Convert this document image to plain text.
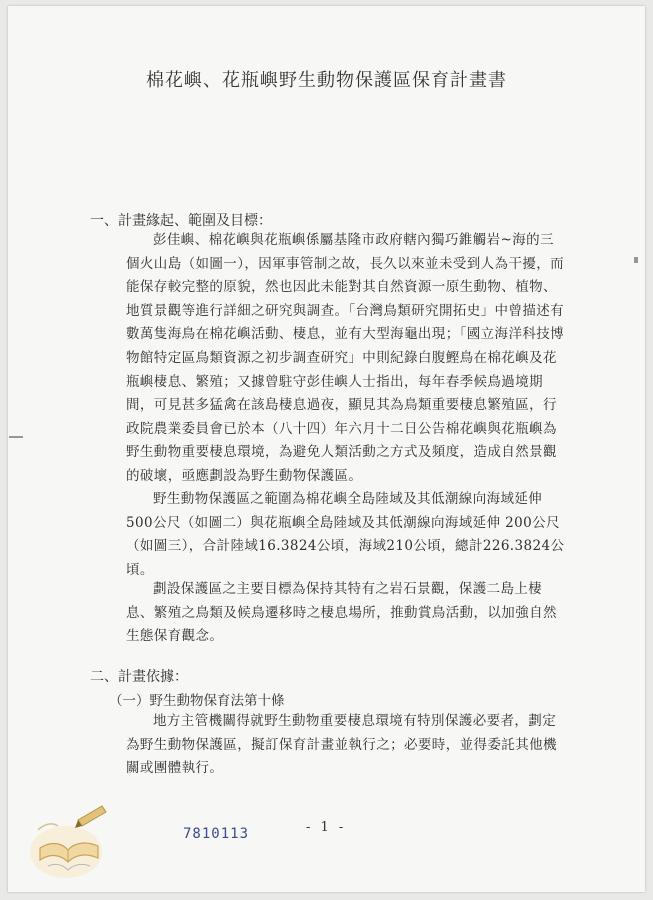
棉花嶼、花瓶嶼野生動物保護區保育計畫書
一、計畫緣起、範圍及目標：

彭佳嶼、棉花嶼與花瓶嶼係屬基隆市政府轄內獨巧錐觸岩~海的三個火山島（如圖一），因軍事管制之故，長久以來並未受到人為干擾，而能保存較完整的原貌，然也因此未能對其自然資源一原生動物、植物、地質景觀等進行詳細之研究與調查。「台灣鳥類研究開拓史」中曾描述有數萬隻海鳥在棉花嶼活動、棲息，並有大型海龜出現；「國立海洋科技博物館特定區鳥類資源之初步調查研究」中則紀錄白腹鰹鳥在棉花嶼及花瓶嶼棲息、繁殖；又據曾駐守彭佳嶼人士指出，每年春季候鳥過境期間，可見甚多猛禽在該島棲息過夜，顯見其為鳥類重要棲息繁殖區，行政院農業委員會已於本（八十四）年六月十二日公告棉花嶼與花瓶嶼為野生動物重要棲息環境，為避免人類活動之方式及頻度，造成自然景觀的破壞，亟應劃設為野生動物保護區。

野生動物保護區之範圍為棉花嶼全島陸域及其低潮線向海域延伸 500公尺（如圖二）與花瓶嶼全島陸域及其低潮線向海域延伸 200公尺（如圖三），合計陸域16.3824公頃，海域210公頃，總計226.3824公頃。

劃設保護區之主要目標為保持其特有之岩石景觀，保護二島上棲息、繁殖之鳥類及候鳥遷移時之棲息場所，推動賞鳥活動，以加強自然生態保育觀念。

二、計畫依據：
（一）野生動物保育法第十條

地方主管機關得就野生動物重要棲息環境有特別保護必要者，劃定為野生動物保護區，擬訂保育計畫並執行之；必要時，並得委託其他機關或團體執行。

7810113	- 1 -
